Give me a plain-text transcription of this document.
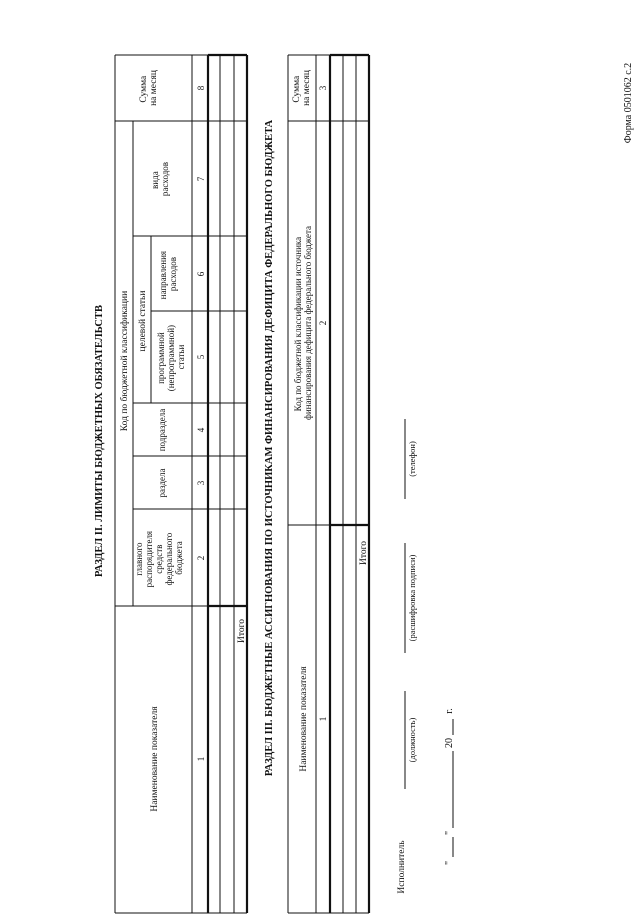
Форма 0501062 с.2
РАЗДЕЛ II. ЛИМИТЫ БЮДЖЕТНЫХ ОБЯЗАТЕЛЬСТВ
Наименование показателя
Код по бюджетной классификации целевой статьи
главного распорядителя средств федерального бюджета
раздела
подраздела
программной (непрограммной) статьи
направления расходов
вида расходов
Сумма на месяц
1
2
3
4
5
6
7
8
Итого РАЗДЕЛ III. БЮДЖЕТНЫЕ АССИГНОВАНИЯ ПО ИСТОЧНИКАМ ФИНАНСИРОВАНИЯ ДЕФИЦИТА ФЕДЕРАЛЬНОГО БЮДЖЕТА	Наименование показателя
Код по бюджетной классификации источника финансирования дефицита федерального бюджета
Сумма на месяц
1
2
3
Итого
Исполнитель
(должность)
(расшифровка подписи)
(телефон)
"
"
20
г.
